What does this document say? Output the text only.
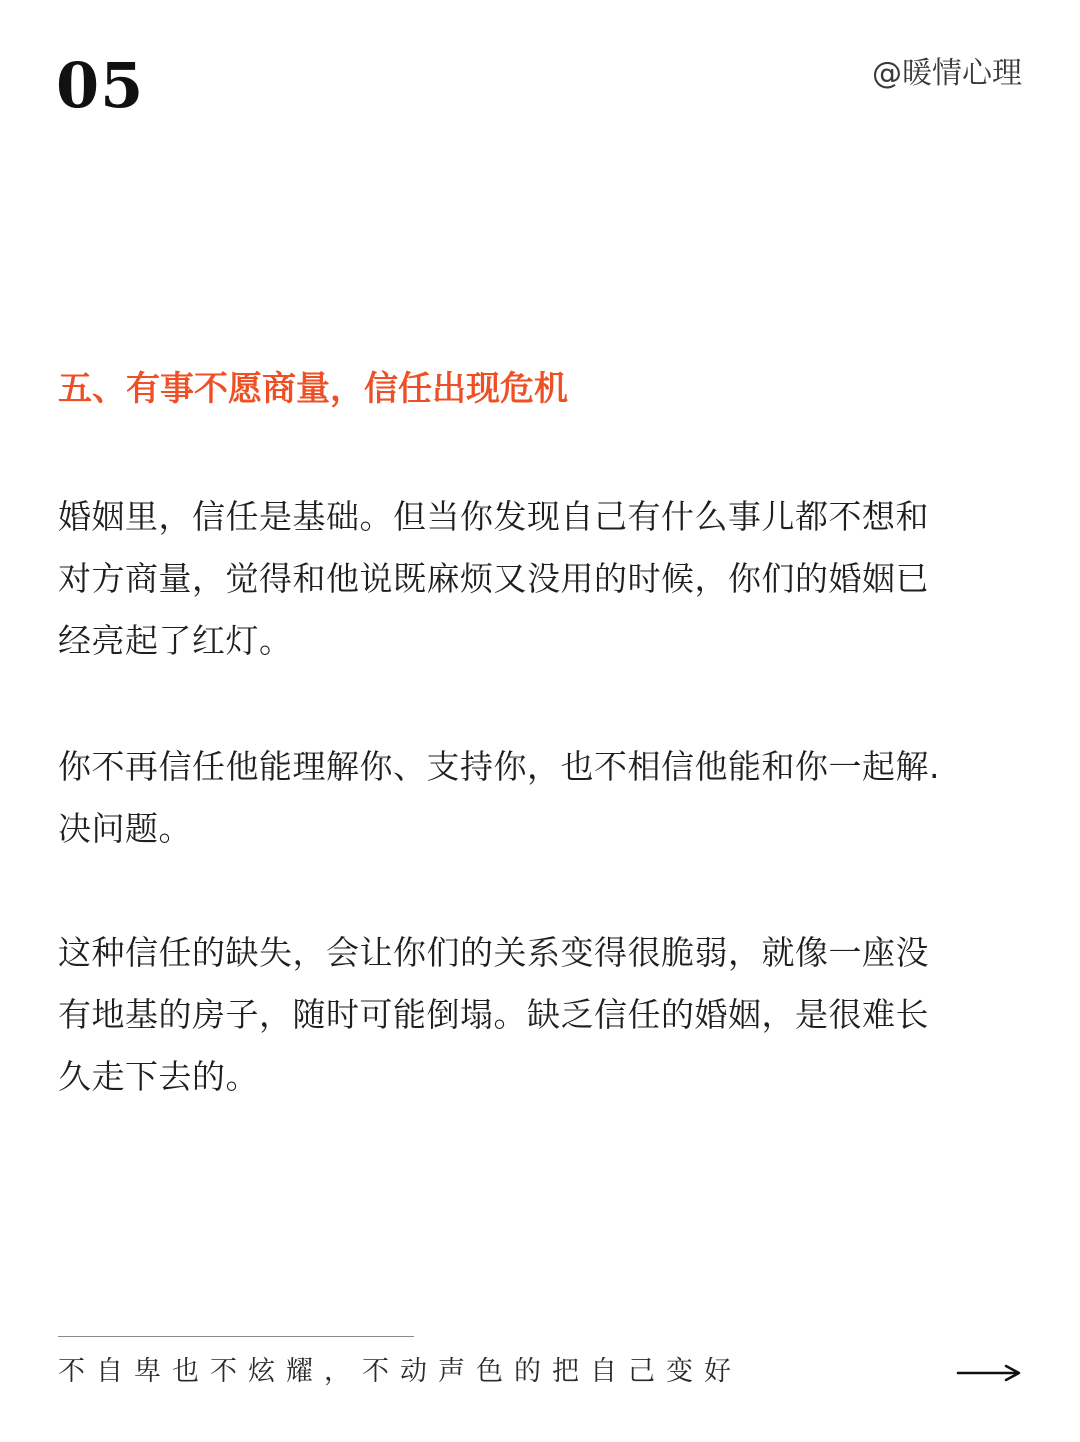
05	@暖情心理
五、有事不愿商量，信任出现危机

婚姻里，信任是基础。但当你发现自己有什么事儿都不想和
对方商量，觉得和他说既麻烦又没用的时候，你们的婚姻已
经亮起了红灯。

你不再信任他能理解你、支持你，也不相信他能和你一起解.
决问题。

这种信任的缺失，会让你们的关系变得很脆弱，就像一座没
有地基的房子，随时可能倒塌。缺乏信任的婚姻，是很难长
久走下去的。

不自卑也不炫耀，不动声色的把自己变好
